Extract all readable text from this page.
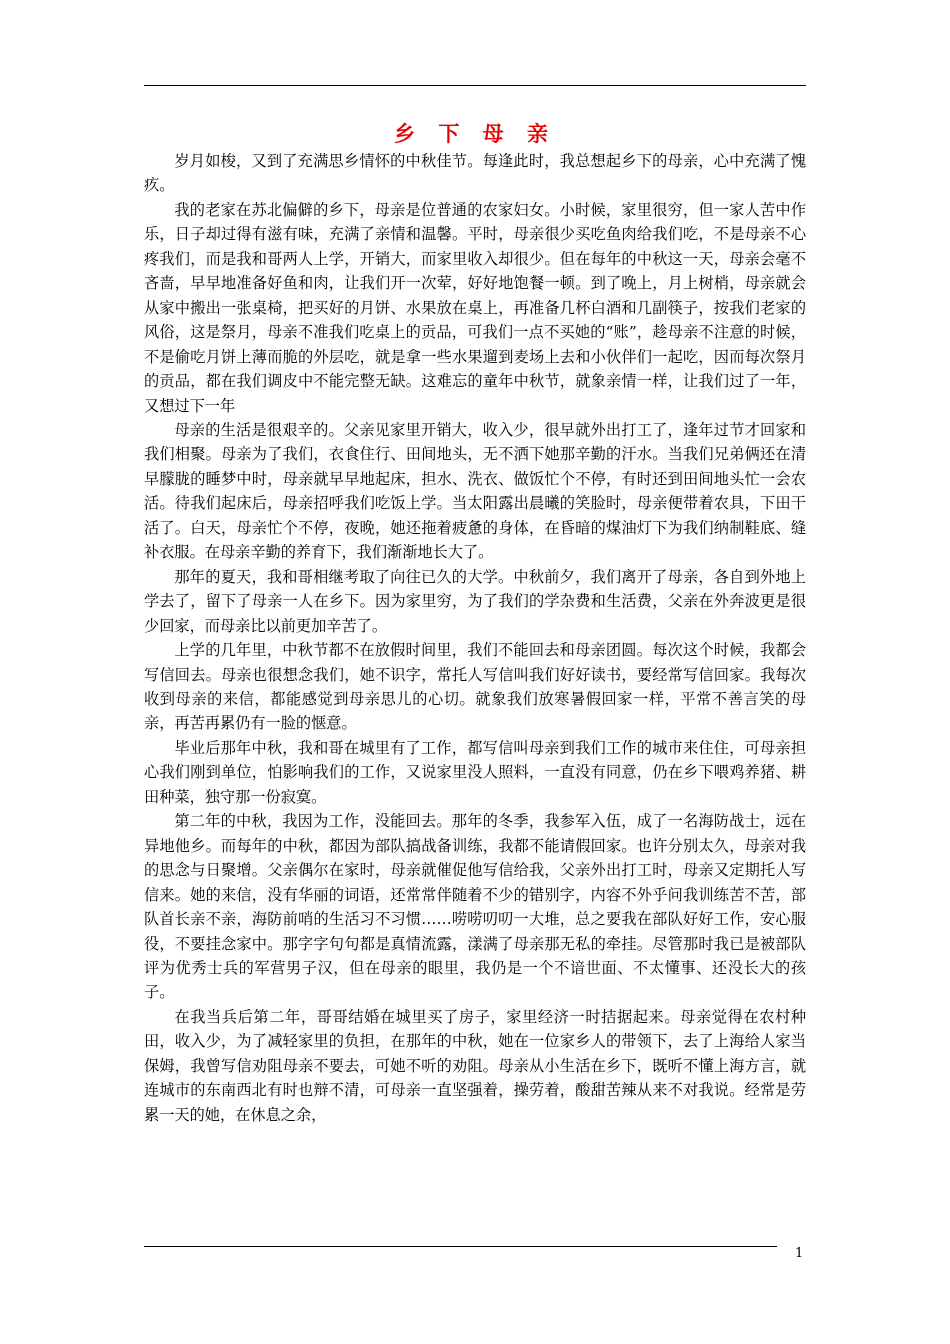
乡 下 母 亲

岁月如梭，又到了充满思乡情怀的中秋佳节。每逢此时，我总想起乡下的母亲，心中充满了愧疚。

我的老家在苏北偏僻的乡下，母亲是位普通的农家妇女。小时候，家里很穷，但一家人苦中作乐，日子却过得有滋有味，充满了亲情和温馨。平时，母亲很少买吃鱼肉给我们吃，不是母亲不心疼我们，而是我和哥两人上学，开销大，而家里收入却很少。但在每年的中秋这一天，母亲会毫不吝啬，早早地准备好鱼和肉，让我们开一次荤，好好地饱餐一顿。到了晚上，月上树梢，母亲就会从家中搬出一张桌椅，把买好的月饼、水果放在桌上，再准备几杯白酒和几副筷子，按我们老家的风俗，这是祭月，母亲不准我们吃桌上的贡品，可我们一点不买她的“账”，趁母亲不注意的时候，不是偷吃月饼上薄而脆的外层吃，就是拿一些水果遛到麦场上去和小伙伴们一起吃，因而每次祭月的贡品，都在我们调皮中不能完整无缺。这难忘的童年中秋节，就象亲情一样，让我们过了一年，又想过下一年

母亲的生活是很艰辛的。父亲见家里开销大，收入少，很早就外出打工了，逢年过节才回家和我们相聚。母亲为了我们，衣食住行、田间地头，无不洒下她那辛勤的汗水。当我们兄弟俩还在清早朦胧的睡梦中时，母亲就早早地起床，担水、洗衣、做饭忙个不停，有时还到田间地头忙一会农活。待我们起床后，母亲招呼我们吃饭上学。当太阳露出晨曦的笑脸时，母亲便带着农具，下田干活了。白天，母亲忙个不停，夜晚，她还拖着疲惫的身体，在昏暗的煤油灯下为我们纳制鞋底、缝补衣服。在母亲辛勤的养育下，我们渐渐地长大了。

那年的夏天，我和哥相继考取了向往已久的大学。中秋前夕，我们离开了母亲，各自到外地上学去了，留下了母亲一人在乡下。因为家里穷，为了我们的学杂费和生活费，父亲在外奔波更是很少回家，而母亲比以前更加辛苦了。

上学的几年里，中秋节都不在放假时间里，我们不能回去和母亲团圆。每次这个时候，我都会写信回去。母亲也很想念我们，她不识字，常托人写信叫我们好好读书，要经常写信回家。我每次收到母亲的来信，都能感觉到母亲思儿的心切。就象我们放寒暑假回家一样，平常不善言笑的母亲，再苦再累仍有一脸的惬意。

毕业后那年中秋，我和哥在城里有了工作，都写信叫母亲到我们工作的城市来住住，可母亲担心我们刚到单位，怕影响我们的工作，又说家里没人照料，一直没有同意，仍在乡下喂鸡养猪、耕田种菜，独守那一份寂寞。

第二年的中秋，我因为工作，没能回去。那年的冬季，我参军入伍，成了一名海防战士，远在异地他乡。而每年的中秋，都因为部队搞战备训练，我都不能请假回家。也许分别太久，母亲对我的思念与日聚增。父亲偶尔在家时，母亲就催促他写信给我，父亲外出打工时，母亲又定期托人写信来。她的来信，没有华丽的词语，还常常伴随着不少的错别字，内容不外乎问我训练苦不苦，部队首长亲不亲，海防前哨的生活习不习惯……唠唠叨叨一大堆，总之要我在部队好好工作，安心服役，不要挂念家中。那字字句句都是真情流露，漾满了母亲那无私的牵挂。尽管那时我已是被部队评为优秀士兵的军营男子汉，但在母亲的眼里，我仍是一个不谙世面、不太懂事、还没长大的孩子。

在我当兵后第二年，哥哥结婚在城里买了房子，家里经济一时拮据起来。母亲觉得在农村种田，收入少，为了减轻家里的负担，在那年的中秋，她在一位家乡人的带领下，去了上海给人家当保姆，我曾写信劝阻母亲不要去，可她不听的劝阻。母亲从小生活在乡下，既听不懂上海方言，就连城市的东南西北有时也辩不清，可母亲一直坚强着，操劳着，酸甜苦辣从来不对我说。经常是劳累一天的她，在休息之余，

1
